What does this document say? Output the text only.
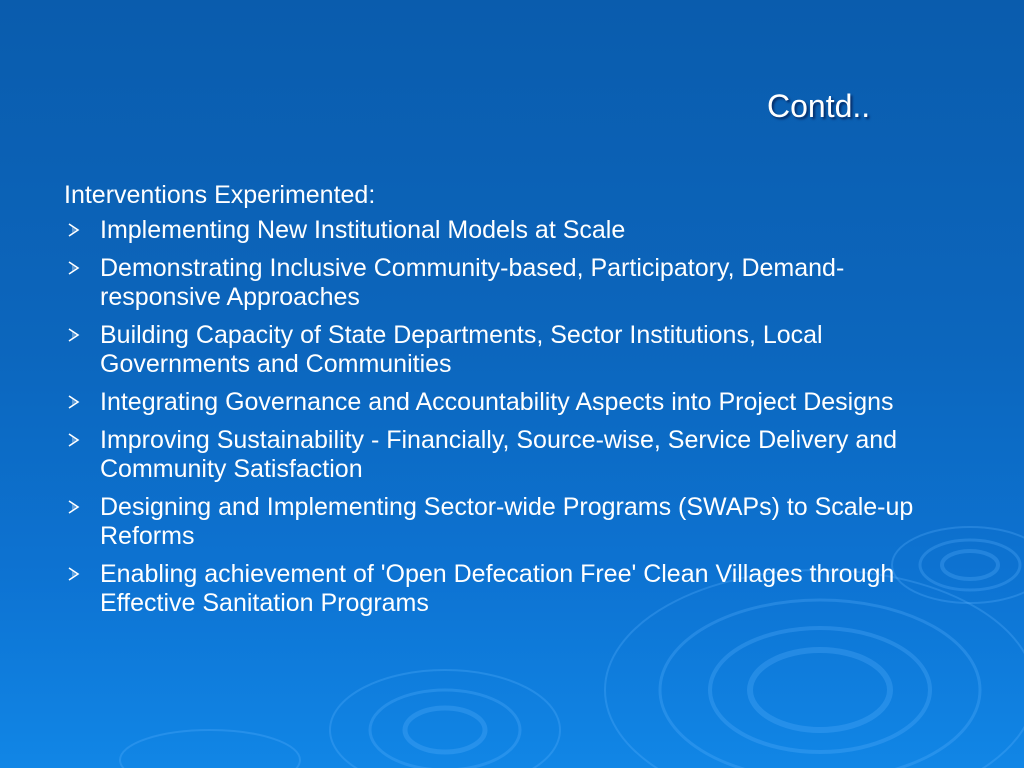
Contd..

Interventions Experimented:

Implementing New Institutional Models at Scale
Demonstrating Inclusive Community-based, Participatory, Demand-responsive Approaches
Building Capacity of State Departments, Sector Institutions, Local Governments and Communities
Integrating Governance and Accountability Aspects into Project Designs
Improving Sustainability - Financially, Source-wise, Service Delivery and Community Satisfaction
Designing and Implementing Sector-wide Programs (SWAPs) to Scale-up Reforms
Enabling achievement of 'Open Defecation Free' Clean Villages through Effective Sanitation Programs
